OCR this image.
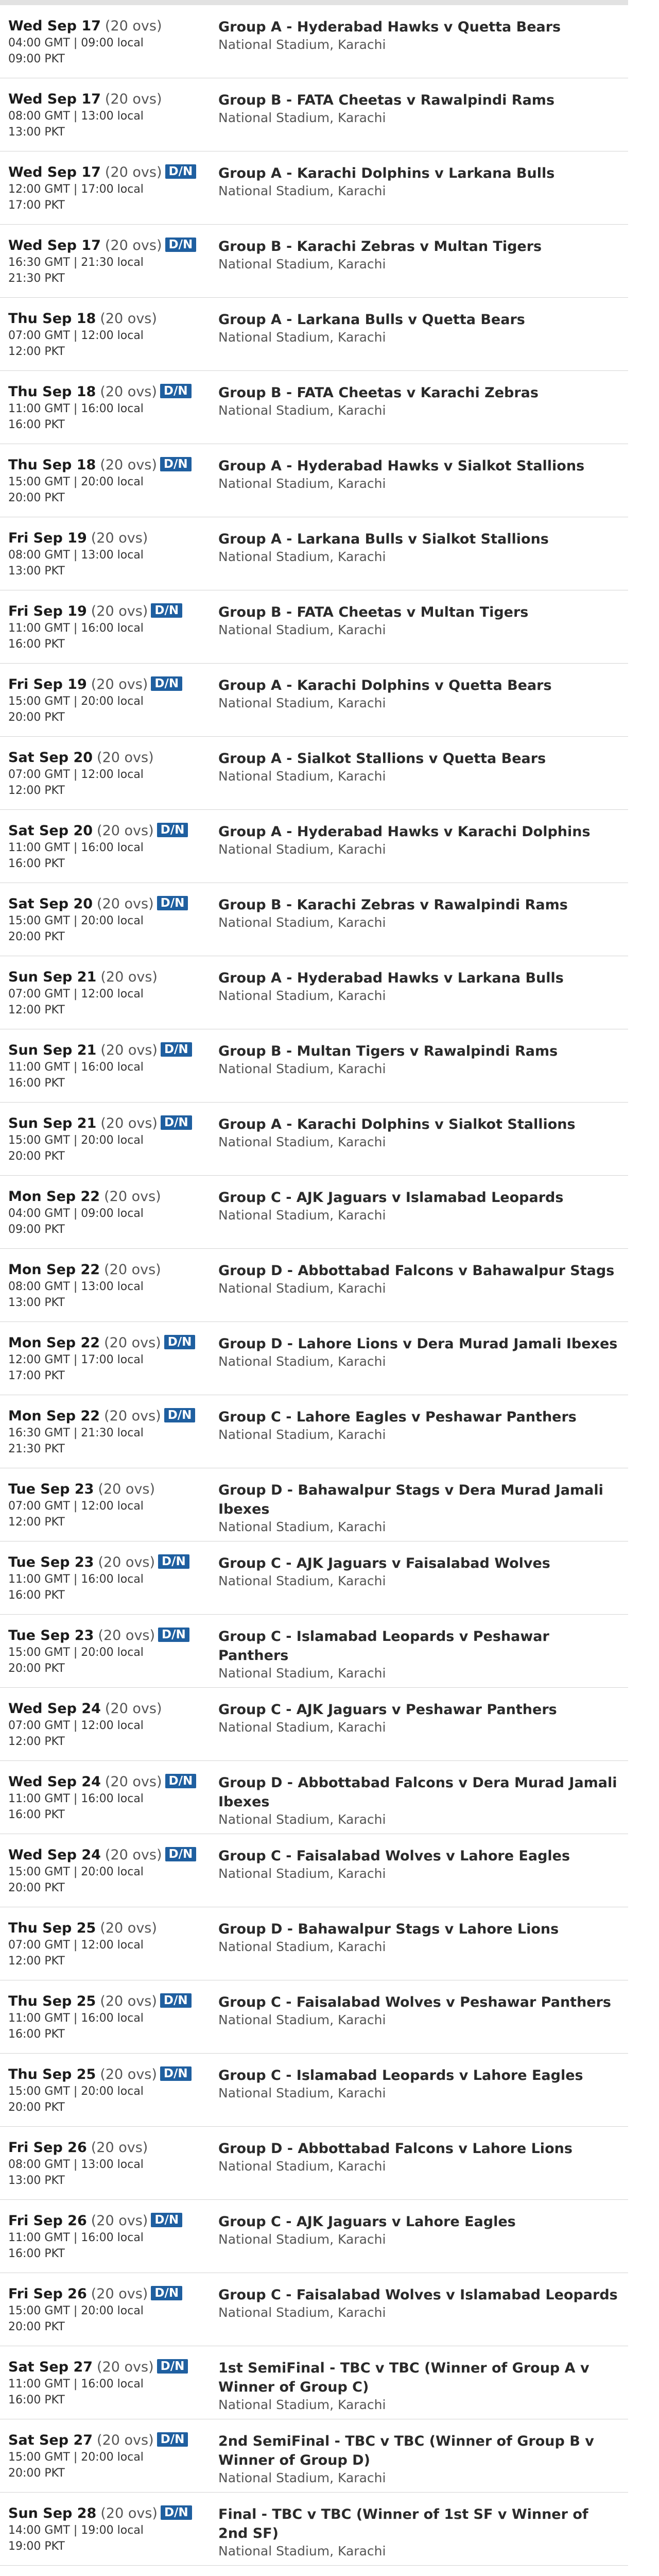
Wed Sep 17 (20 ovs)
04:00 GMT | 09:00 local
09:00 PKT
Group A - Hyderabad Hawks v Quetta Bears
National Stadium, Karachi
Wed Sep 17 (20 ovs)
08:00 GMT | 13:00 local
13:00 PKT
Group B - FATA Cheetas v Rawalpindi Rams
National Stadium, Karachi
Wed Sep 17 (20 ovs) D/N
12:00 GMT | 17:00 local
17:00 PKT
Group A - Karachi Dolphins v Larkana Bulls
National Stadium, Karachi
Wed Sep 17 (20 ovs) D/N
16:30 GMT | 21:30 local
21:30 PKT
Group B - Karachi Zebras v Multan Tigers
National Stadium, Karachi
Thu Sep 18 (20 ovs)
07:00 GMT | 12:00 local
12:00 PKT
Group A - Larkana Bulls v Quetta Bears
National Stadium, Karachi
Thu Sep 18 (20 ovs) D/N
11:00 GMT | 16:00 local
16:00 PKT
Group B - FATA Cheetas v Karachi Zebras
National Stadium, Karachi
Thu Sep 18 (20 ovs) D/N
15:00 GMT | 20:00 local
20:00 PKT
Group A - Hyderabad Hawks v Sialkot Stallions
National Stadium, Karachi
Fri Sep 19 (20 ovs)
08:00 GMT | 13:00 local
13:00 PKT
Group A - Larkana Bulls v Sialkot Stallions
National Stadium, Karachi
Fri Sep 19 (20 ovs) D/N
11:00 GMT | 16:00 local
16:00 PKT
Group B - FATA Cheetas v Multan Tigers
National Stadium, Karachi
Fri Sep 19 (20 ovs) D/N
15:00 GMT | 20:00 local
20:00 PKT
Group A - Karachi Dolphins v Quetta Bears
National Stadium, Karachi
Sat Sep 20 (20 ovs)
07:00 GMT | 12:00 local
12:00 PKT
Group A - Sialkot Stallions v Quetta Bears
National Stadium, Karachi
Sat Sep 20 (20 ovs) D/N
11:00 GMT | 16:00 local
16:00 PKT
Group A - Hyderabad Hawks v Karachi Dolphins
National Stadium, Karachi
Sat Sep 20 (20 ovs) D/N
15:00 GMT | 20:00 local
20:00 PKT
Group B - Karachi Zebras v Rawalpindi Rams
National Stadium, Karachi
Sun Sep 21 (20 ovs)
07:00 GMT | 12:00 local
12:00 PKT
Group A - Hyderabad Hawks v Larkana Bulls
National Stadium, Karachi
Sun Sep 21 (20 ovs) D/N
11:00 GMT | 16:00 local
16:00 PKT
Group B - Multan Tigers v Rawalpindi Rams
National Stadium, Karachi
Sun Sep 21 (20 ovs) D/N
15:00 GMT | 20:00 local
20:00 PKT
Group A - Karachi Dolphins v Sialkot Stallions
National Stadium, Karachi
Mon Sep 22 (20 ovs)
04:00 GMT | 09:00 local
09:00 PKT
Group C - AJK Jaguars v Islamabad Leopards
National Stadium, Karachi
Mon Sep 22 (20 ovs)
08:00 GMT | 13:00 local
13:00 PKT
Group D - Abbottabad Falcons v Bahawalpur Stags
National Stadium, Karachi
Mon Sep 22 (20 ovs) D/N
12:00 GMT | 17:00 local
17:00 PKT
Group D - Lahore Lions v Dera Murad Jamali Ibexes
National Stadium, Karachi
Mon Sep 22 (20 ovs) D/N
16:30 GMT | 21:30 local
21:30 PKT
Group C - Lahore Eagles v Peshawar Panthers
National Stadium, Karachi
Tue Sep 23 (20 ovs)
07:00 GMT | 12:00 local
12:00 PKT
Group D - Bahawalpur Stags v Dera Murad Jamali Ibexes
National Stadium, Karachi
Tue Sep 23 (20 ovs) D/N
11:00 GMT | 16:00 local
16:00 PKT
Group C - AJK Jaguars v Faisalabad Wolves
National Stadium, Karachi
Tue Sep 23 (20 ovs) D/N
15:00 GMT | 20:00 local
20:00 PKT
Group C - Islamabad Leopards v Peshawar Panthers
National Stadium, Karachi
Wed Sep 24 (20 ovs)
07:00 GMT | 12:00 local
12:00 PKT
Group C - AJK Jaguars v Peshawar Panthers
National Stadium, Karachi
Wed Sep 24 (20 ovs) D/N
11:00 GMT | 16:00 local
16:00 PKT
Group D - Abbottabad Falcons v Dera Murad Jamali Ibexes
National Stadium, Karachi
Wed Sep 24 (20 ovs) D/N
15:00 GMT | 20:00 local
20:00 PKT
Group C - Faisalabad Wolves v Lahore Eagles
National Stadium, Karachi
Thu Sep 25 (20 ovs)
07:00 GMT | 12:00 local
12:00 PKT
Group D - Bahawalpur Stags v Lahore Lions
National Stadium, Karachi
Thu Sep 25 (20 ovs) D/N
11:00 GMT | 16:00 local
16:00 PKT
Group C - Faisalabad Wolves v Peshawar Panthers
National Stadium, Karachi
Thu Sep 25 (20 ovs) D/N
15:00 GMT | 20:00 local
20:00 PKT
Group C - Islamabad Leopards v Lahore Eagles
National Stadium, Karachi
Fri Sep 26 (20 ovs)
08:00 GMT | 13:00 local
13:00 PKT
Group D - Abbottabad Falcons v Lahore Lions
National Stadium, Karachi
Fri Sep 26 (20 ovs) D/N
11:00 GMT | 16:00 local
16:00 PKT
Group C - AJK Jaguars v Lahore Eagles
National Stadium, Karachi
Fri Sep 26 (20 ovs) D/N
15:00 GMT | 20:00 local
20:00 PKT
Group C - Faisalabad Wolves v Islamabad Leopards
National Stadium, Karachi
Sat Sep 27 (20 ovs) D/N
11:00 GMT | 16:00 local
16:00 PKT
1st SemiFinal - TBC v TBC (Winner of Group A v Winner of Group C)
National Stadium, Karachi
Sat Sep 27 (20 ovs) D/N
15:00 GMT | 20:00 local
20:00 PKT
2nd SemiFinal - TBC v TBC (Winner of Group B v Winner of Group D)
National Stadium, Karachi
Sun Sep 28 (20 ovs) D/N
14:00 GMT | 19:00 local
19:00 PKT
Final - TBC v TBC (Winner of 1st SF v Winner of 2nd SF)
National Stadium, Karachi
